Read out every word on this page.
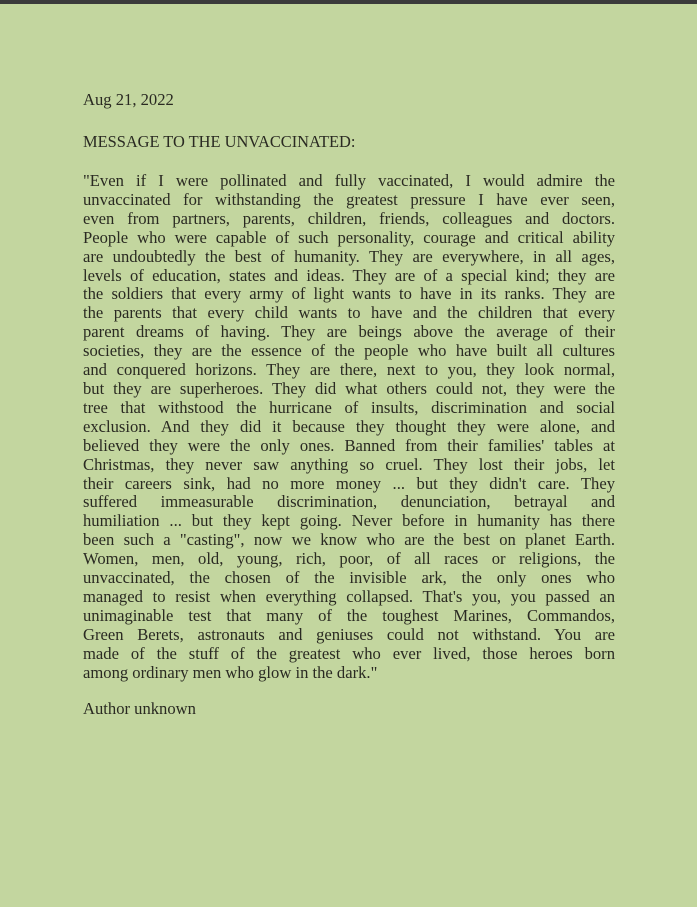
Aug 21, 2022

MESSAGE TO THE UNVACCINATED:

"Even if I were pollinated and fully vaccinated, I would admire the
unvaccinated for withstanding the greatest pressure I have ever seen,
even from partners, parents, children, friends, colleagues and doctors.
People who were capable of such personality, courage and critical ability
are undoubtedly the best of humanity. They are everywhere, in all ages,
levels of education, states and ideas. They are of a special kind; they are
the soldiers that every army of light wants to have in its ranks. They are
the parents that every child wants to have and the children that every
parent dreams of having. They are beings above the average of their
societies, they are the essence of the people who have built all cultures
and conquered horizons. They are there, next to you, they look normal,
but they are superheroes. They did what others could not, they were the
tree that withstood the hurricane of insults, discrimination and social
exclusion. And they did it because they thought they were alone, and
believed they were the only ones. Banned from their families' tables at
Christmas, they never saw anything so cruel. They lost their jobs, let
their careers sink, had no more money ... but they didn't care. They
suffered immeasurable discrimination, denunciation, betrayal and
humiliation ... but they kept going. Never before in humanity has there
been such a "casting", now we know who are the best on planet Earth.
Women, men, old, young, rich, poor, of all races or religions, the
unvaccinated, the chosen of the invisible ark, the only ones who
managed to resist when everything collapsed. That's you, you passed an
unimaginable test that many of the toughest Marines, Commandos,
Green Berets, astronauts and geniuses could not withstand. You are
made of the stuff of the greatest who ever lived, those heroes born
among ordinary men who glow in the dark."

Author unknown
